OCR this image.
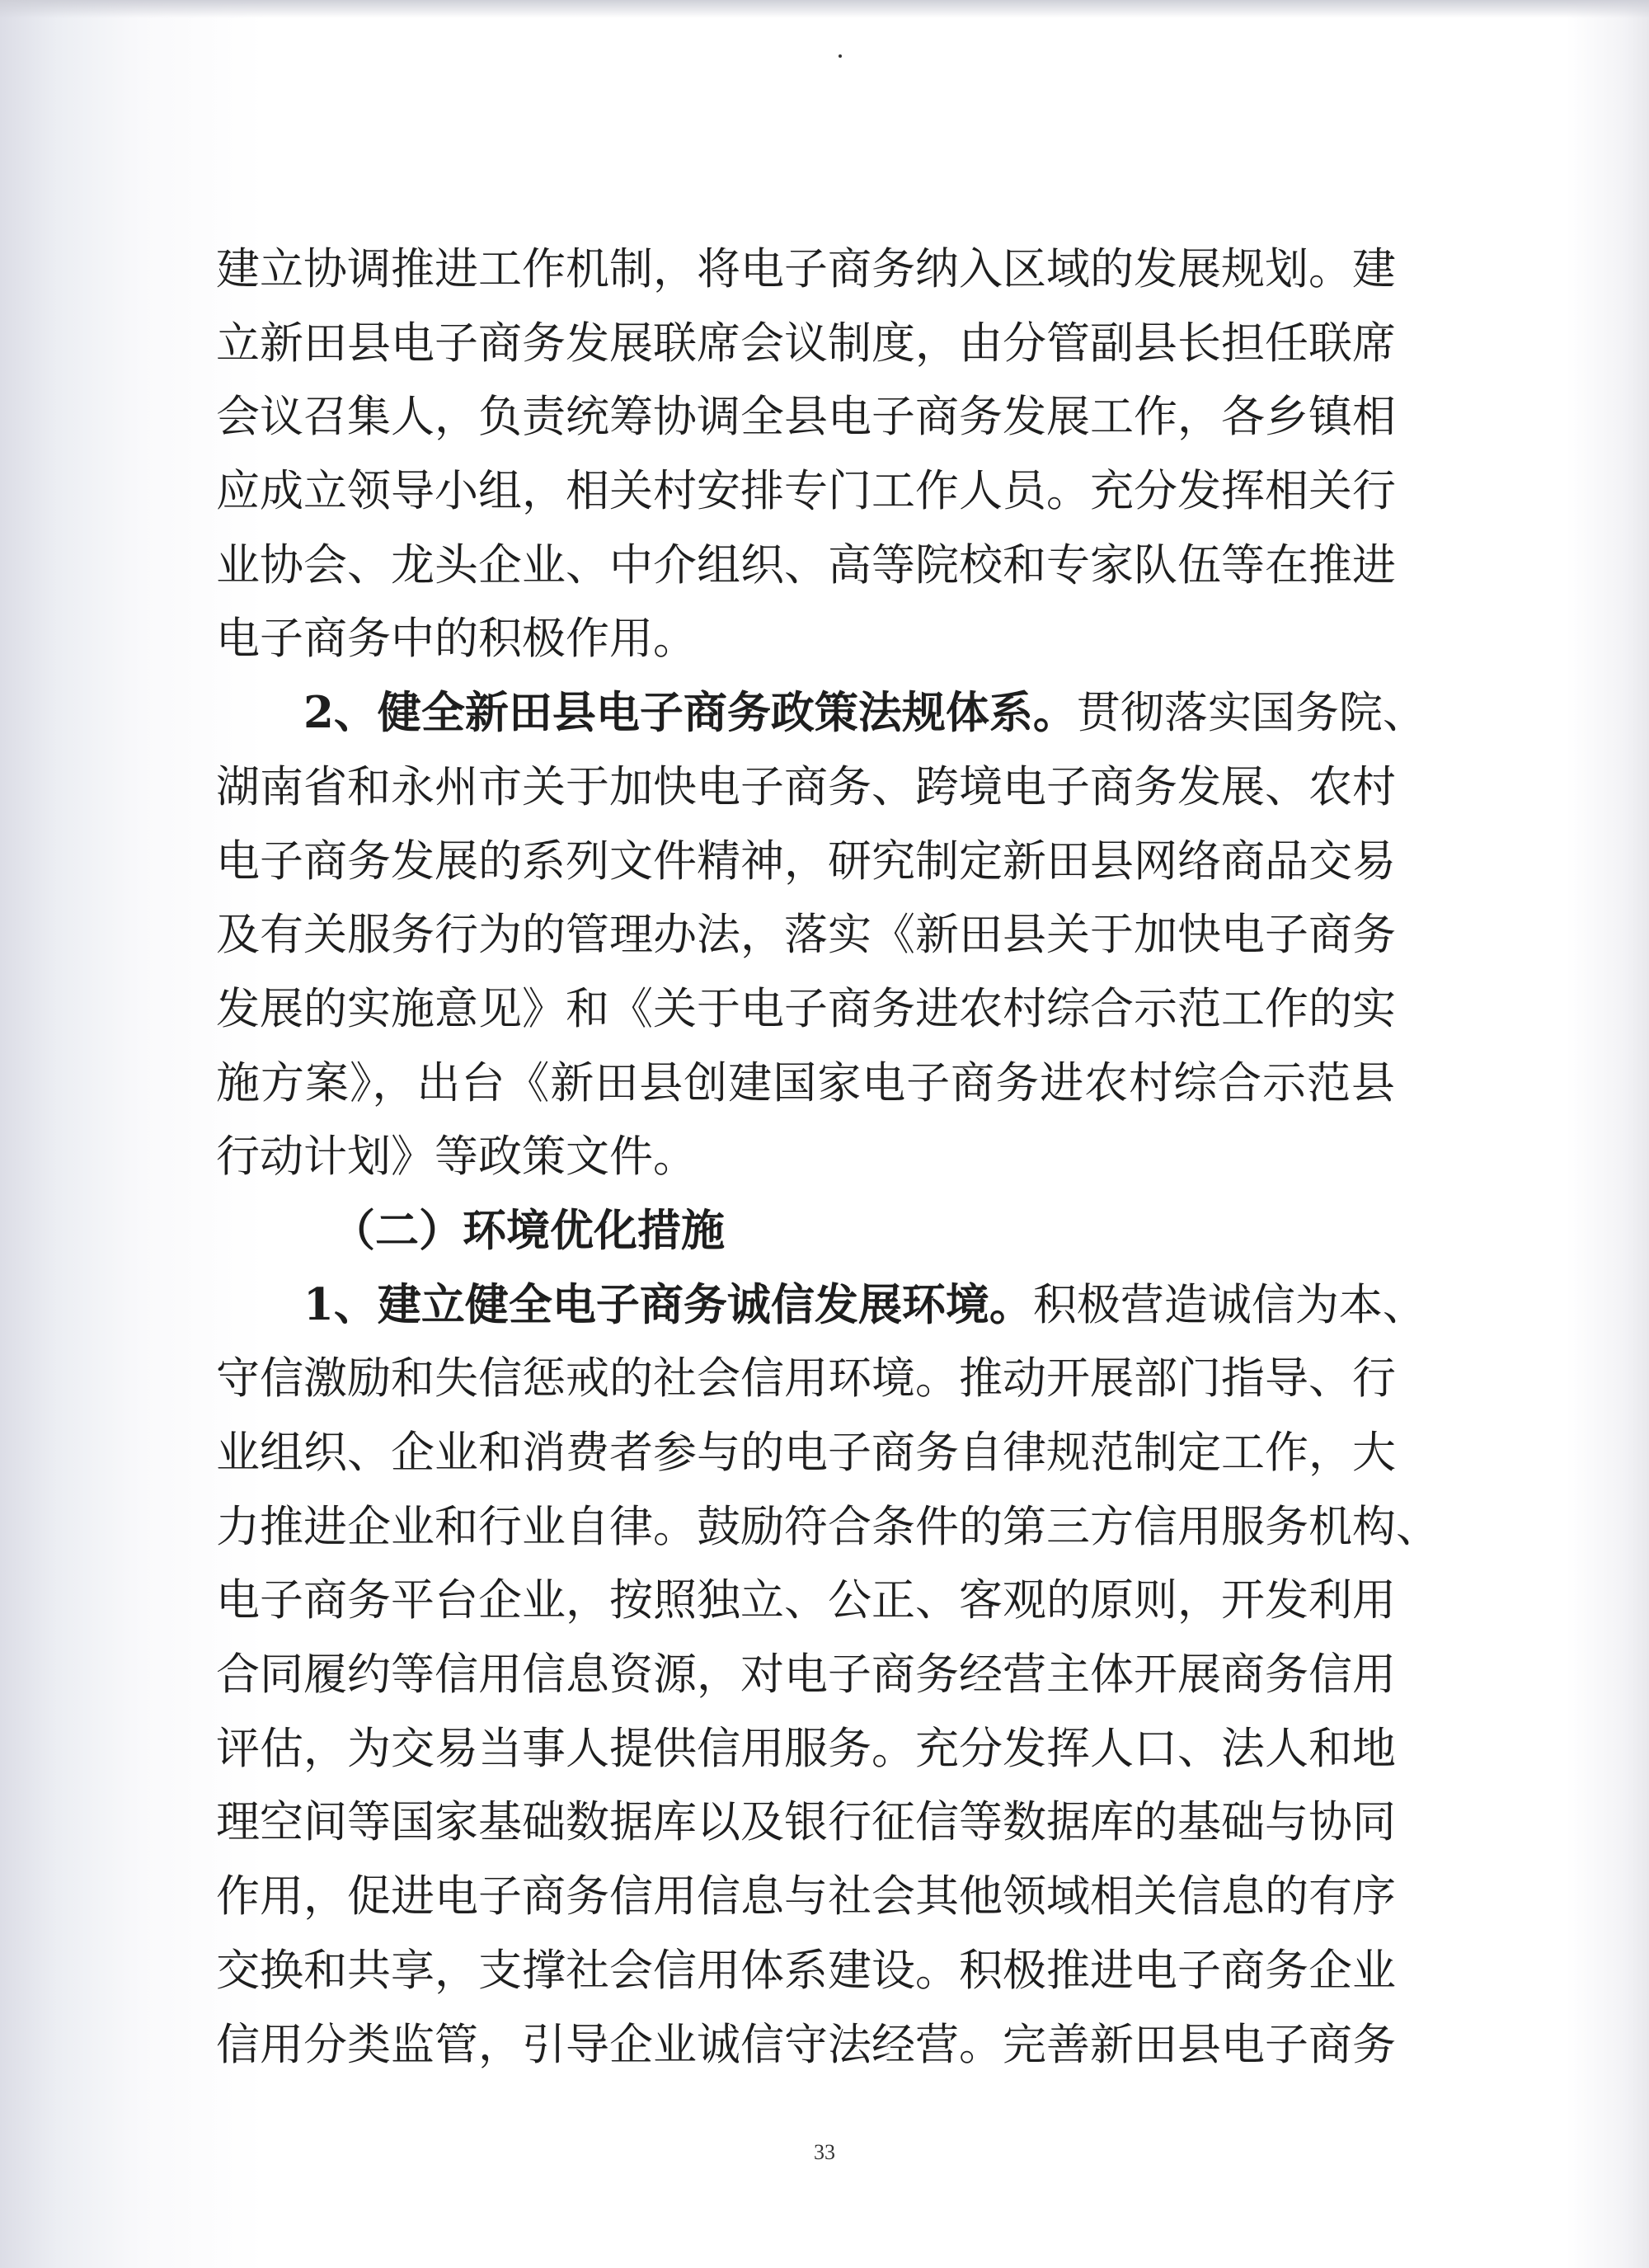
建立协调推进工作机制，将电子商务纳入区域的发展规划。建
立新田县电子商务发展联席会议制度，由分管副县长担任联席
会议召集人，负责统筹协调全县电子商务发展工作，各乡镇相
应成立领导小组，相关村安排专门工作人员。充分发挥相关行
业协会、龙头企业、中介组织、高等院校和专家队伍等在推进
电子商务中的积极作用。
2、健全新田县电子商务政策法规体系。贯彻落实国务院、
湖南省和永州市关于加快电子商务、跨境电子商务发展、农村
电子商务发展的系列文件精神，研究制定新田县网络商品交易
及有关服务行为的管理办法，落实《新田县关于加快电子商务
发展的实施意见》和《关于电子商务进农村综合示范工作的实
施方案》，出台《新田县创建国家电子商务进农村综合示范县
行动计划》等政策文件。
（二）环境优化措施
1、建立健全电子商务诚信发展环境。积极营造诚信为本、
守信激励和失信惩戒的社会信用环境。推动开展部门指导、行
业组织、企业和消费者参与的电子商务自律规范制定工作，大
力推进企业和行业自律。鼓励符合条件的第三方信用服务机构、
电子商务平台企业，按照独立、公正、客观的原则，开发利用
合同履约等信用信息资源，对电子商务经营主体开展商务信用
评估，为交易当事人提供信用服务。充分发挥人口、法人和地
理空间等国家基础数据库以及银行征信等数据库的基础与协同
作用，促进电子商务信用信息与社会其他领域相关信息的有序
交换和共享，支撑社会信用体系建设。积极推进电子商务企业
信用分类监管，引导企业诚信守法经营。完善新田县电子商务
33
